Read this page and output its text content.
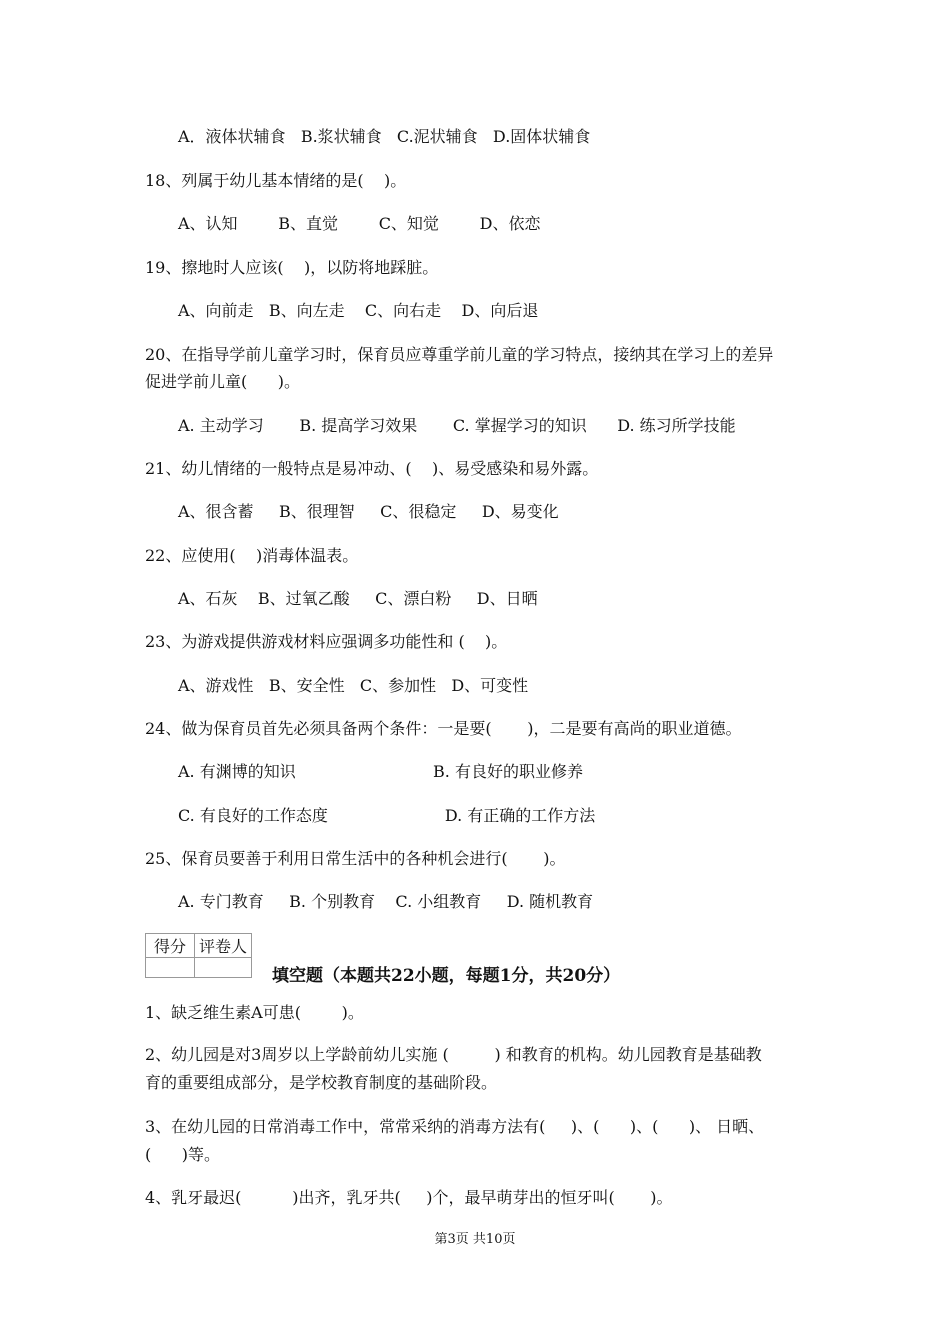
A．液体状辅食   B.浆状辅食   C.泥状辅食   D.固体状辅食
18、列属于幼儿基本情绪的是(    )。
A、认知        B、直觉        C、知觉        D、依恋
19、擦地时人应该(    )，以防将地踩脏。
A、向前走   B、向左走    C、向右走    D、向后退
20、在指导学前儿童学习时，保育员应尊重学前儿童的学习特点，接纳其在学习上的差异
促进学前儿童(      )。
A. 主动学习       B. 提高学习效果       C. 掌握学习的知识      D. 练习所学技能
21、幼儿情绪的一般特点是易冲动、(    )、易受感染和易外露。
A、很含蓄     B、很理智     C、很稳定     D、易变化
22、应使用(    )消毒体温表。
A、石灰    B、过氧乙酸     C、漂白粉     D、日晒
23、为游戏提供游戏材料应强调多功能性和 (    )。
A、游戏性   B、安全性   C、参加性   D、可变性
24、做为保育员首先必须具备两个条件：一是要(       )，二是要有高尚的职业道德。
A. 有渊博的知识                           B. 有良好的职业修养
C. 有良好的工作态度                       D. 有正确的工作方法
25、保育员要善于利用日常生活中的各种机会进行(       )。
A. 专门教育     B. 个别教育    C. 小组教育     D. 随机教育
1、缺乏维生素A可患(        )。
2、幼儿园是对3周岁以上学龄前幼儿实施 (         ) 和教育的机构。幼儿园教育是基础教
育的重要组成部分，是学校教育制度的基础阶段。
3、在幼儿园的日常消毒工作中，常常采纳的消毒方法有(     )、(      )、(      )、 日晒、
(      )等。
4、乳牙最迟(          )出齐，乳牙共(     )个，最早萌芽出的恒牙叫(       )。
得分	评卷人

填空题（本题共22小题，每题1分，共20分）
第3页 共10页
